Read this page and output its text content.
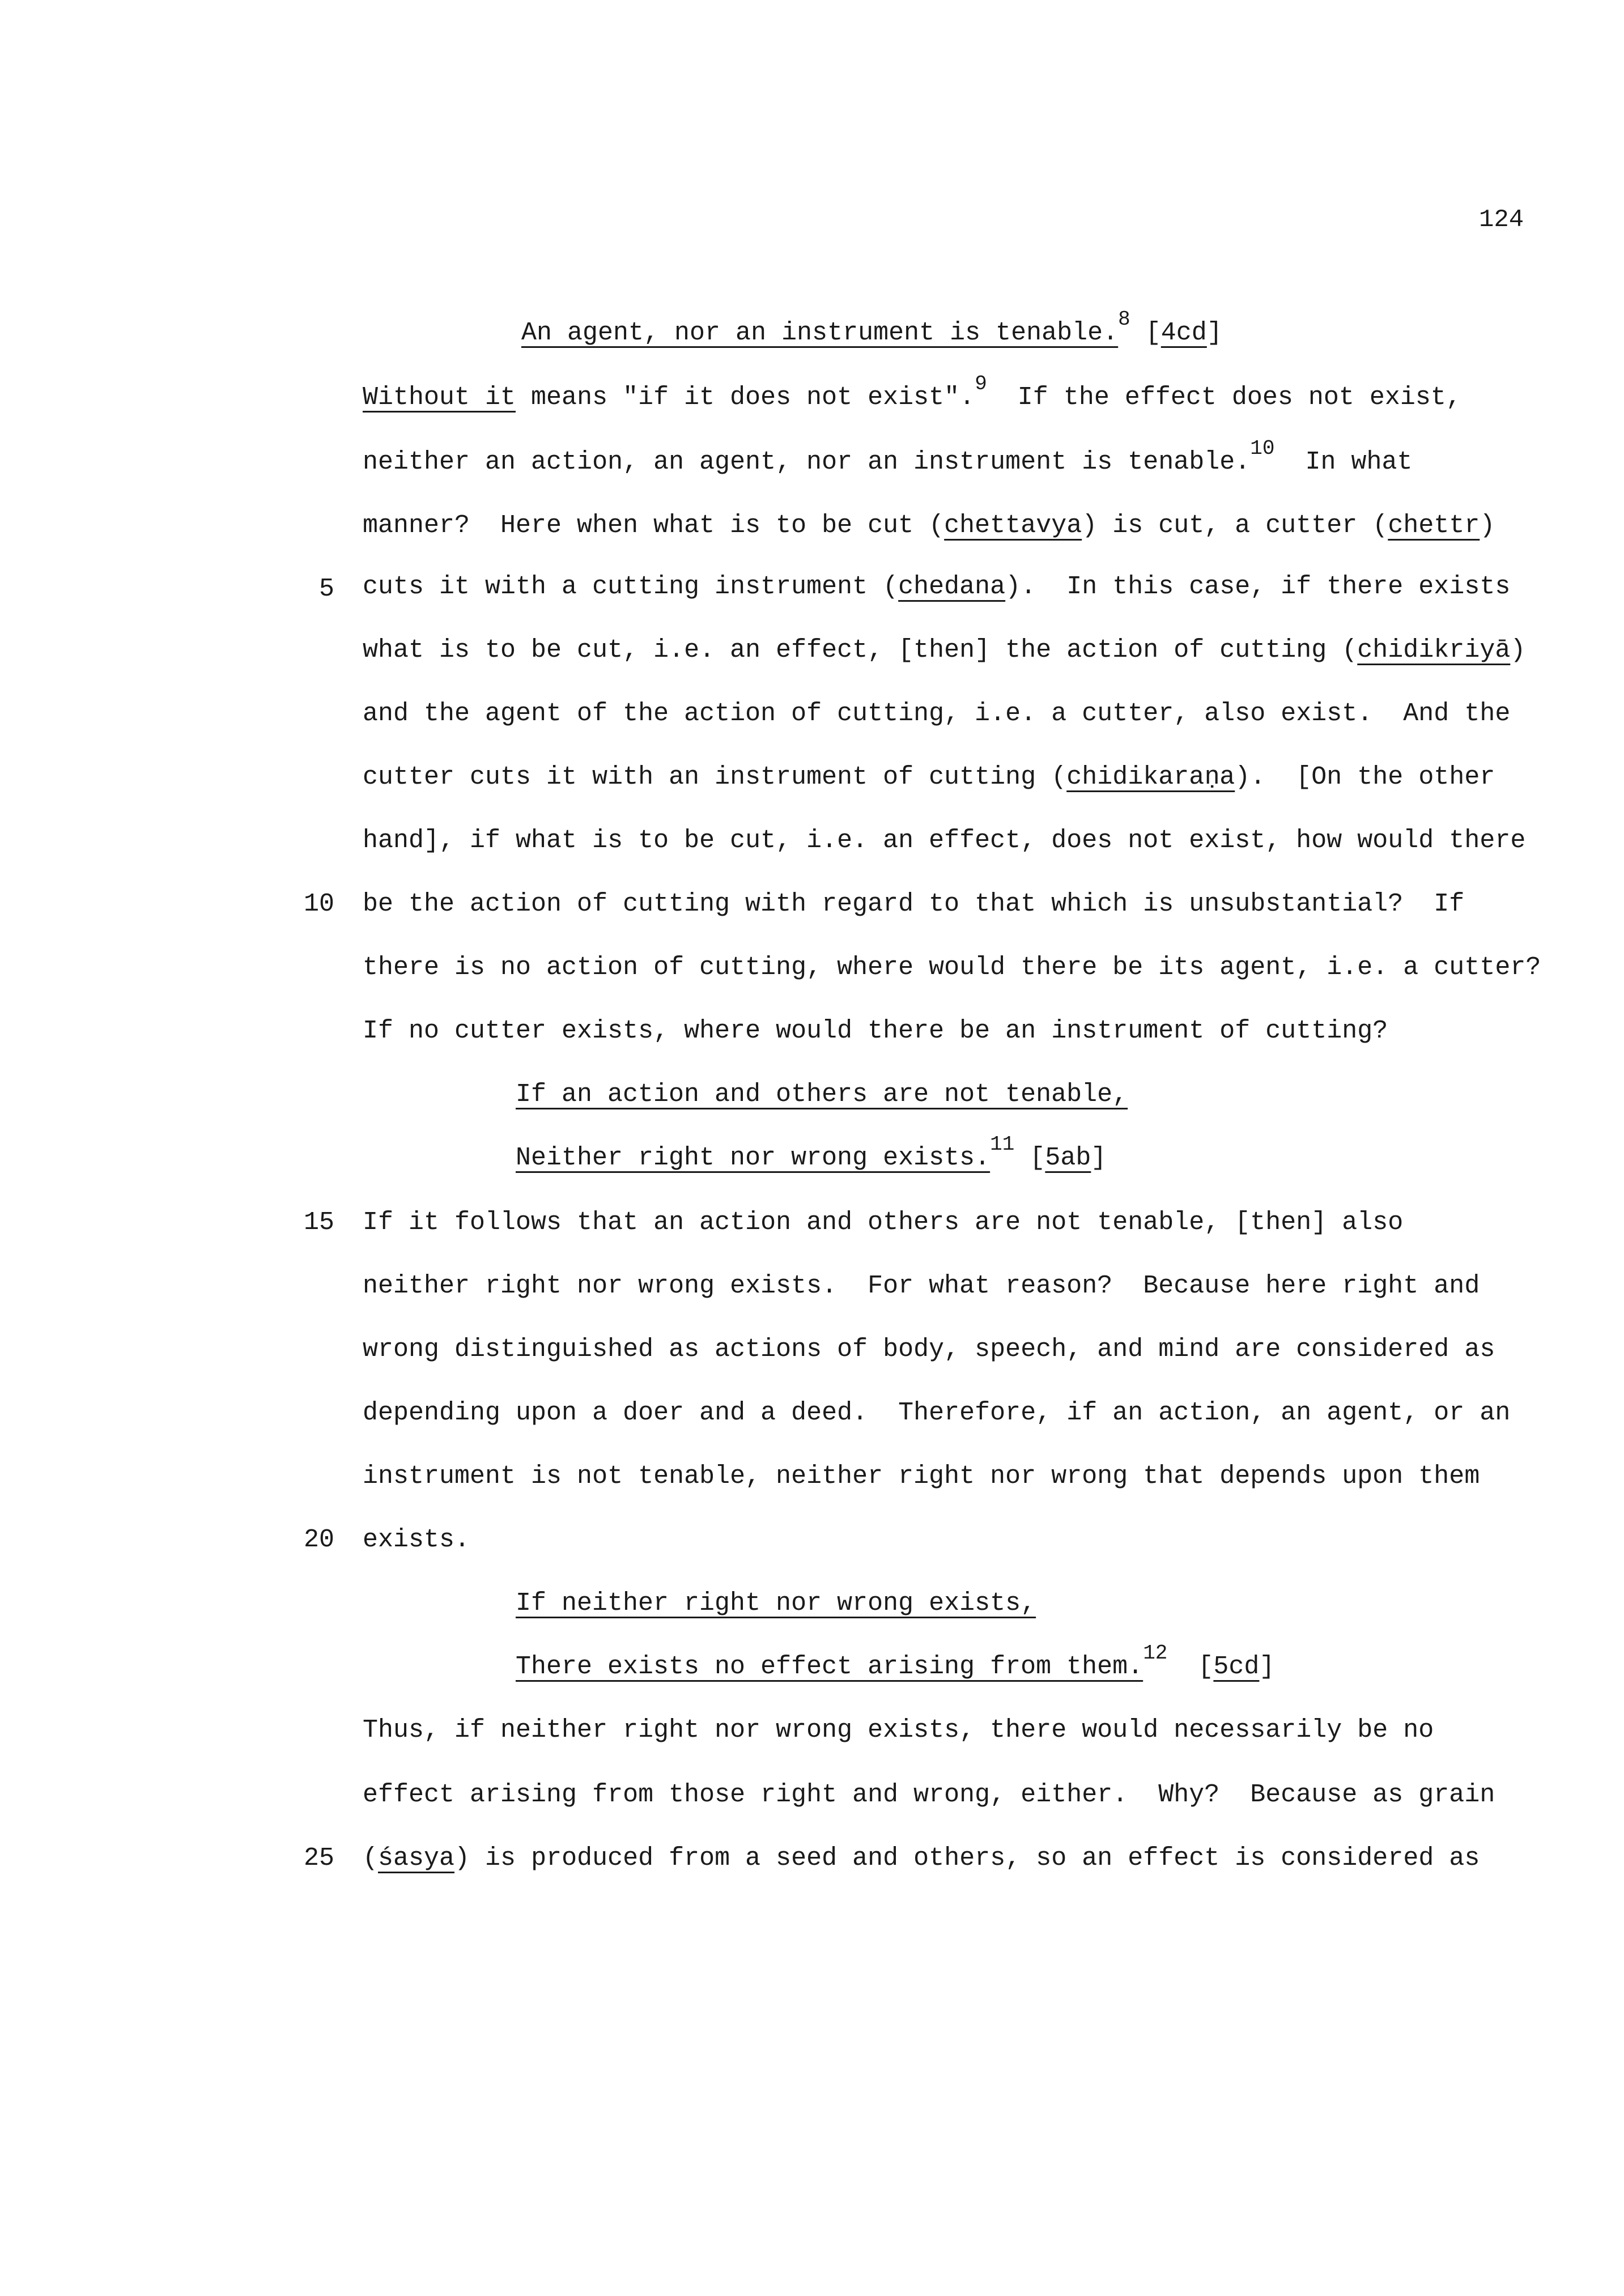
124
An agent, nor an instrument is tenable.$^8$ [4cd]
Without it means "if it does not exist".$^9$  If the effect does not exist,
neither an action, an agent, nor an instrument is tenable.$^{10}$  In what
manner?  Here when what is to be cut (chettavya) is cut, a cutter (chettr)
5 cuts it with a cutting instrument (chedana).  In this case, if there exists
what is to be cut, i.e. an effect, [then] the action of cutting (chidikriyā)
and the agent of the action of cutting, i.e. a cutter, also exist.  And the
cutter cuts it with an instrument of cutting (chidikaraṇa).  [On the other
hand], if what is to be cut, i.e. an effect, does not exist, how would there
10 be the action of cutting with regard to that which is unsubstantial?  If
there is no action of cutting, where would there be its agent, i.e. a cutter?
If no cutter exists, where would there be an instrument of cutting?
If an action and others are not tenable,
Neither right nor wrong exists.$^{11}$ [5ab]
15 If it follows that an action and others are not tenable, [then] also
neither right nor wrong exists.  For what reason?  Because here right and
wrong distinguished as actions of body, speech, and mind are considered as
depending upon a doer and a deed.  Therefore, if an action, an agent, or an
instrument is not tenable, neither right nor wrong that depends upon them
20 exists.
If neither right nor wrong exists,
There exists no effect arising from them.$^{12}$  [5cd]
Thus, if neither right nor wrong exists, there would necessarily be no
effect arising from those right and wrong, either.  Why?  Because as grain
25 (śasya) is produced from a seed and others, so an effect is considered as
